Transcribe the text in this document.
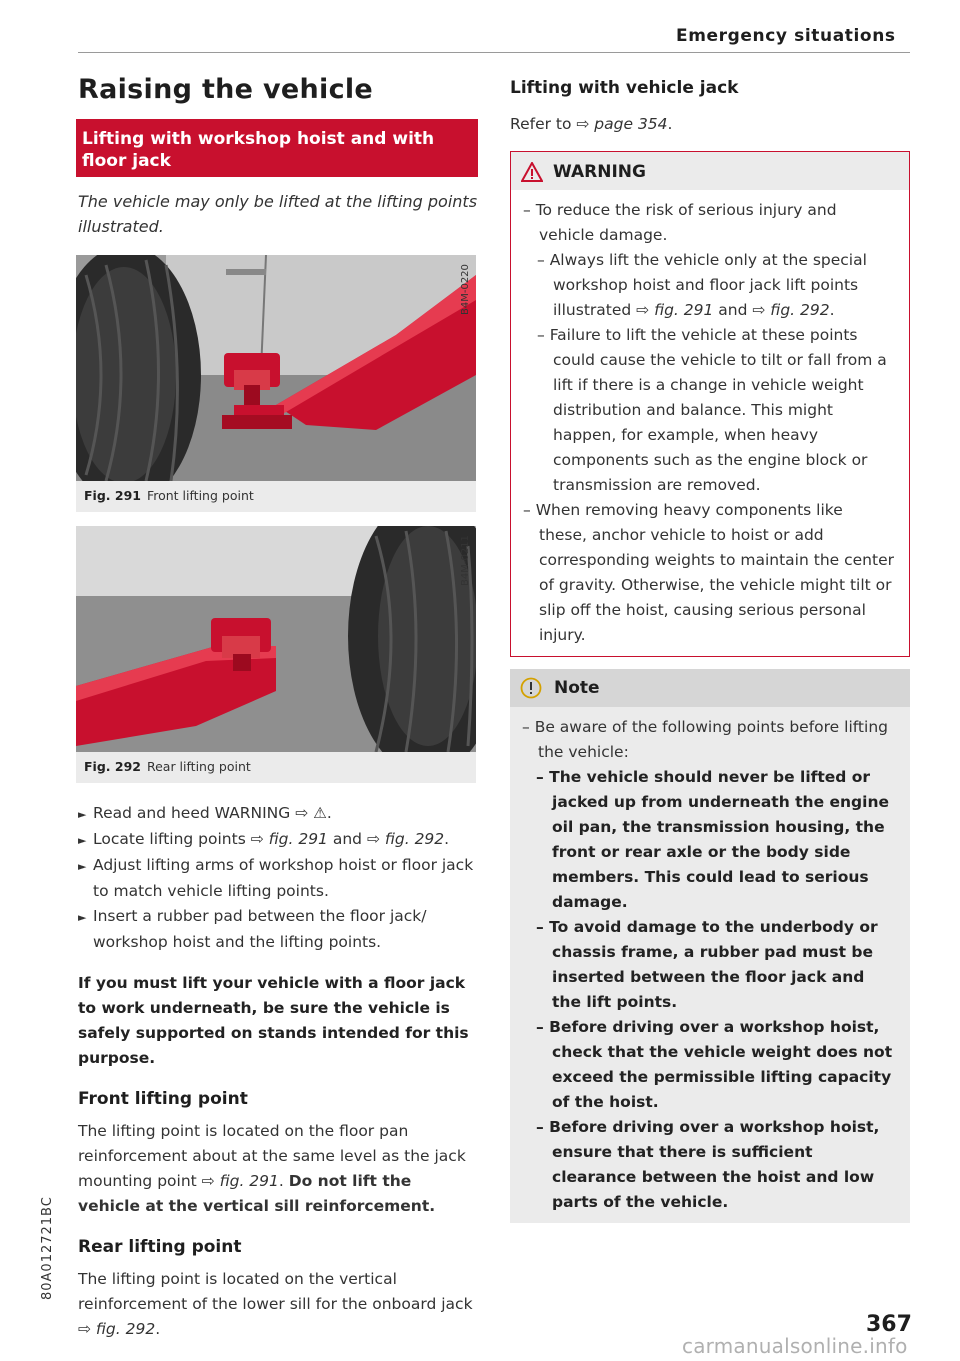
Emergency situations
Raising the vehicle
Lifting with workshop hoist and with floor jack
The vehicle may only be lifted at the lifting points illustrated.
B4M-0220
Fig. 291 Front lifting point
B4M-0211
Fig. 292 Rear lifting point
► Read and heed WARNING ⇨ ⚠.
► Locate lifting points ⇨ fig. 291 and ⇨ fig. 292.
► Adjust lifting arms of workshop hoist or floor jack to match vehicle lifting points.
► Insert a rubber pad between the floor jack/ workshop hoist and the lifting points.
If you must lift your vehicle with a floor jack to work underneath, be sure the vehicle is safely supported on stands intended for this purpose.
Front lifting point
The lifting point is located on the floor pan reinforcement about at the same level as the jack mounting point ⇨ fig. 291. Do not lift the vehicle at the vertical sill reinforcement.
Rear lifting point
The lifting point is located on the vertical reinforcement of the lower sill for the onboard jack ⇨ fig. 292.
Lifting with vehicle jack
Refer to ⇨ page 354.
WARNING
– To reduce the risk of serious injury and vehicle damage.
– Always lift the vehicle only at the special workshop hoist and floor jack lift points illustrated ⇨ fig. 291 and ⇨ fig. 292.
– Failure to lift the vehicle at these points could cause the vehicle to tilt or fall from a lift if there is a change in vehicle weight distribution and balance. This might happen, for example, when heavy components such as the engine block or transmission are removed.
– When removing heavy components like these, anchor vehicle to hoist or add corresponding weights to maintain the center of gravity. Otherwise, the vehicle might tilt or slip off the hoist, causing serious personal injury.
Note
– Be aware of the following points before lifting the vehicle:
– The vehicle should never be lifted or jacked up from underneath the engine oil pan, the transmission housing, the front or rear axle or the body side members. This could lead to serious damage.
– To avoid damage to the underbody or chassis frame, a rubber pad must be inserted between the floor jack and the lift points.
– Before driving over a workshop hoist, check that the vehicle weight does not exceed the permissible lifting capacity of the hoist.
– Before driving over a workshop hoist, ensure that there is sufficient clearance between the hoist and low parts of the vehicle.
80A012721BC
367
carmanualsonline.info
